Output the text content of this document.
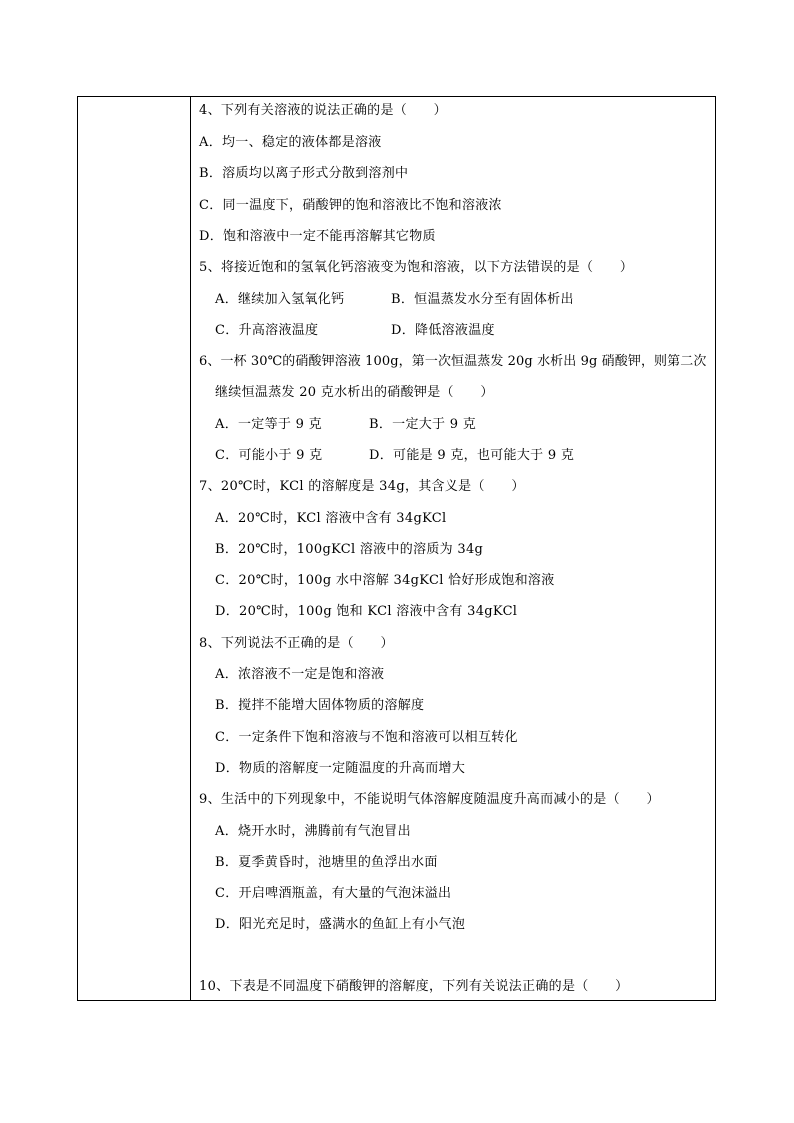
4、下列有关溶液的说法正确的是（　　）
A．均一、稳定的液体都是溶液
B．溶质均以离子形式分散到溶剂中
C．同一温度下，硝酸钾的饱和溶液比不饱和溶液浓
D．饱和溶液中一定不能再溶解其它物质
5、将接近饱和的氢氧化钙溶液变为饱和溶液，以下方法错误的是（　　）
A．继续加入氢氧化钙	B．恒温蒸发水分至有固体析出
C．升高溶液温度	D．降低溶液温度
6、一杯 30℃的硝酸钾溶液 100g，第一次恒温蒸发 20g 水析出 9g 硝酸钾，则第二次
继续恒温蒸发 20 克水析出的硝酸钾是（　　）
A．一定等于 9 克	B．一定大于 9 克
C．可能小于 9 克	D．可能是 9 克，也可能大于 9 克
7、20℃时，KCl 的溶解度是 34g，其含义是（　　）
A．20℃时，KCl 溶液中含有 34gKCl
B．20℃时，100gKCl 溶液中的溶质为 34g
C．20℃时，100g 水中溶解 34gKCl 恰好形成饱和溶液
D．20℃时，100g 饱和 KCl 溶液中含有 34gKCl
8、下列说法不正确的是（　　）
A．浓溶液不一定是饱和溶液
B．搅拌不能增大固体物质的溶解度
C．一定条件下饱和溶液与不饱和溶液可以相互转化
D．物质的溶解度一定随温度的升高而增大
9、生活中的下列现象中，不能说明气体溶解度随温度升高而减小的是（　　）
A．烧开水时，沸腾前有气泡冒出
B．夏季黄昏时，池塘里的鱼浮出水面
C．开启啤酒瓶盖，有大量的气泡沫溢出
D．阳光充足时，盛满水的鱼缸上有小气泡
10、下表是不同温度下硝酸钾的溶解度，下列有关说法正确的是（　　）
